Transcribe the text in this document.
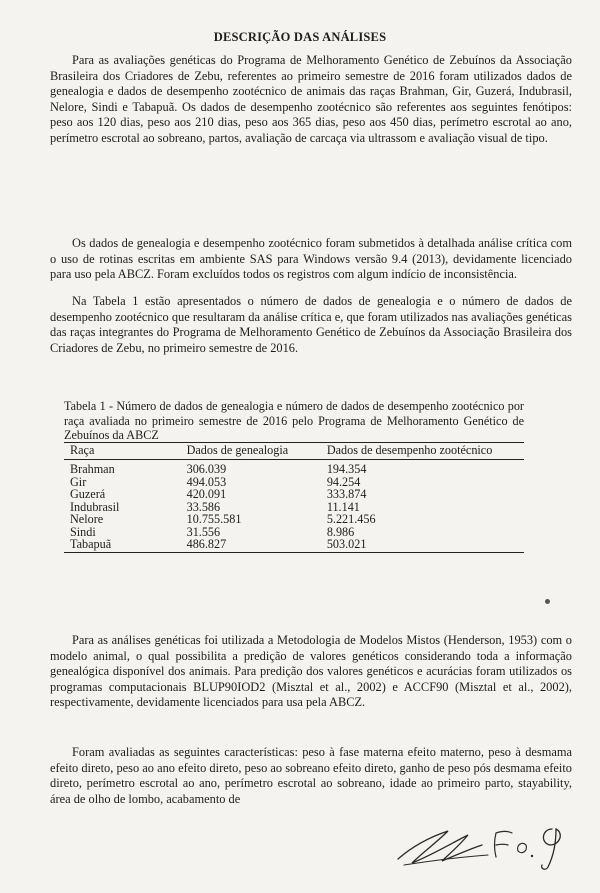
DESCRIÇÃO DAS ANÁLISES

Para as avaliações genéticas do Programa de Melhoramento Genético de Zebuínos da Associação Brasileira dos Criadores de Zebu, referentes ao primeiro semestre de 2016 foram utilizados dados de genealogia e dados de desempenho zootécnico de animais das raças Brahman, Gir, Guzerá, Indubrasil, Nelore, Sindi e Tabapuã. Os dados de desempenho zootécnico são referentes aos seguintes fenótipos: peso aos 120 dias, peso aos 210 dias, peso aos 365 dias, peso aos 450 dias, perímetro escrotal ao ano, perímetro escrotal ao sobreano, partos, avaliação de carcaça via ultrassom e avaliação visual de tipo.

Os dados de genealogia e desempenho zootécnico foram submetidos à detalhada análise crítica com o uso de rotinas escritas em ambiente SAS para Windows versão 9.4 (2013), devidamente licenciado para uso pela ABCZ. Foram excluídos todos os registros com algum indício de inconsistência.

Na Tabela 1 estão apresentados o número de dados de genealogia e o número de dados de desempenho zootécnico que resultaram da análise crítica e, que foram utilizados nas avaliações genéticas das raças integrantes do Programa de Melhoramento Genético de Zebuínos da Associação Brasileira dos Criadores de Zebu, no primeiro semestre de 2016.

Tabela 1 - Número de dados de genealogia e número de dados de desempenho zootécnico por raça avaliada no primeiro semestre de 2016 pelo Programa de Melhoramento Genético de Zebuínos da ABCZ
Raça	Dados de genealogia	Dados de desempenho zootécnico
Brahman	306.039	194.354
Gir	494.053	94.254
Guzerá	420.091	333.874
Indubrasil	33.586	11.141
Nelore	10.755.581	5.221.456
Sindi	31.556	8.986
Tabapuã	486.827	503.021

Para as análises genéticas foi utilizada a Metodologia de Modelos Mistos (Henderson, 1953) com o modelo animal, o qual possibilita a predição de valores genéticos considerando toda a informação genealógica disponível dos animais. Para predição dos valores genéticos e acurácias foram utilizados os programas computacionais BLUP90IOD2 (Misztal et al., 2002) e ACCF90 (Misztal et al., 2002), respectivamente, devidamente licenciados para usa pela ABCZ.

Foram avaliadas as seguintes características: peso à fase materna efeito materno, peso à desmama efeito direto, peso ao ano efeito direto, peso ao sobreano efeito direto, ganho de peso pós desmama efeito direto, perímetro escrotal ao ano, perímetro escrotal ao sobreano, idade ao primeiro parto, stayability, área de olho de lombo, acabamento de
